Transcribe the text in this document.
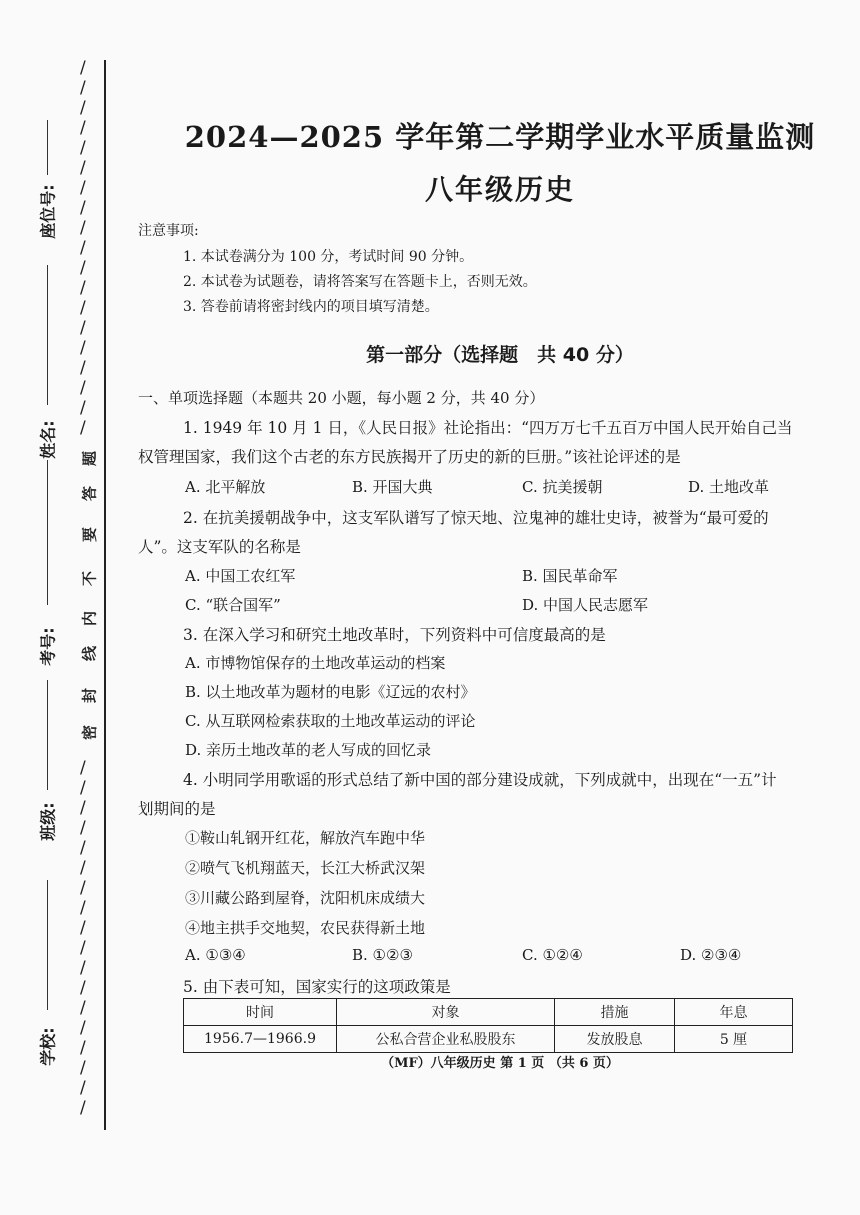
/
/
/
/
/
/
/
/
/
/
/
/
/
/
/
/
/
/
/
/
/
/
/
/
/
/
/
/
/
/
/
/
/
/
/
/
/
题
答
要
不
内
线
封
密
学校:
班级:
考号:
姓名:
座位号:
2024—2025 学年第二学期学业水平质量监测
八年级历史
注意事项:
1. 本试卷满分为 100 分，考试时间 90 分钟。
2. 本试卷为试题卷，请将答案写在答题卡上，否则无效。
3. 答卷前请将密封线内的项目填写清楚。
第一部分（选择题　共 40 分）
一、单项选择题（本题共 20 小题，每小题 2 分，共 40 分）
1. 1949 年 10 月 1 日，《人民日报》社论指出：“四万万七千五百万中国人民开始自己当
权管理国家，我们这个古老的东方民族揭开了历史的新的巨册。”该社论评述的是
A. 北平解放	B. 开国大典	C. 抗美援朝	D. 土地改革
2. 在抗美援朝战争中，这支军队谱写了惊天地、泣鬼神的雄壮史诗，被誉为“最可爱的
人”。这支军队的名称是
A. 中国工农红军	B. 国民革命军
C. “联合国军”	D. 中国人民志愿军
3. 在深入学习和研究土地改革时，下列资料中可信度最高的是
A. 市博物馆保存的土地改革运动的档案
B. 以土地改革为题材的电影《辽远的农村》
C. 从互联网检索获取的土地改革运动的评论
D. 亲历土地改革的老人写成的回忆录
4. 小明同学用歌谣的形式总结了新中国的部分建设成就，下列成就中，出现在“一五”计
划期间的是
①鞍山轧钢开红花，解放汽车跑中华
②喷气飞机翔蓝天，长江大桥武汉架
③川藏公路到屋脊，沈阳机床成绩大
④地主拱手交地契，农民获得新土地
A. ①③④	B. ①②③	C. ①②④	D. ②③④
5. 由下表可知，国家实行的这项政策是
时间	对象	措施	年息
1956.7—1966.9	公私合营企业私股股东	发放股息	5 厘
（MF）八年级历史 第 1 页 （共 6 页）
